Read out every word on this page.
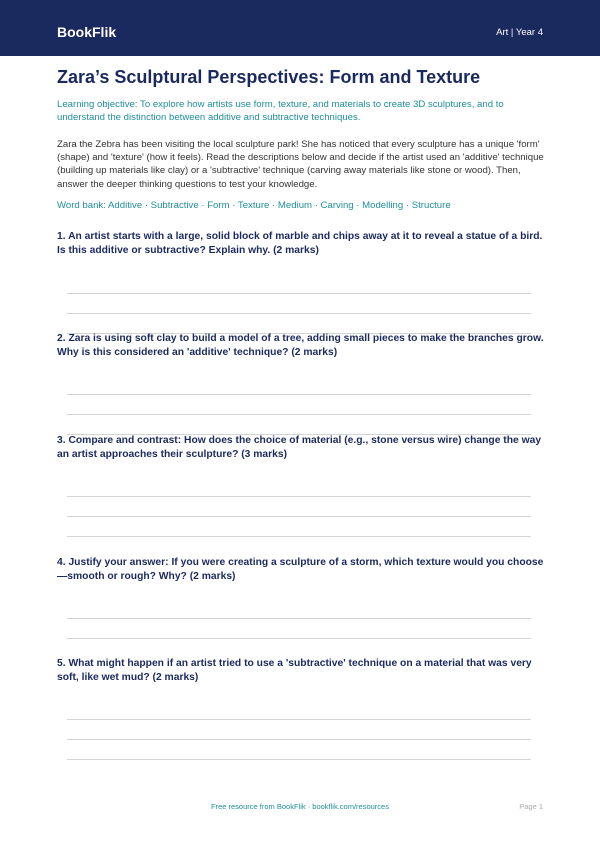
BookFlik	Art | Year 4
Zara’s Sculptural Perspectives: Form and Texture

Learning objective: To explore how artists use form, texture, and materials to create 3D sculptures, and to understand the distinction between additive and subtractive techniques.

Zara the Zebra has been visiting the local sculpture park! She has noticed that every sculpture has a unique 'form' (shape) and 'texture' (how it feels). Read the descriptions below and decide if the artist used an 'additive' technique (building up materials like clay) or a 'subtractive' technique (carving away materials like stone or wood). Then, answer the deeper thinking questions to test your knowledge.

Word bank: Additive · Subtractive · Form · Texture · Medium · Carving · Modelling · Structure

1. An artist starts with a large, solid block of marble and chips away at it to reveal a statue of a bird. Is this additive or subtractive? Explain why. (2 marks)

2. Zara is using soft clay to build a model of a tree, adding small pieces to make the branches grow. Why is this considered an 'additive' technique? (2 marks)

3. Compare and contrast: How does the choice of material (e.g., stone versus wire) change the way an artist approaches their sculpture? (3 marks)

4. Justify your answer: If you were creating a sculpture of a storm, which texture would you choose—smooth or rough? Why? (2 marks)

5. What might happen if an artist tried to use a 'subtractive' technique on a material that was very soft, like wet mud? (2 marks)

Free resource from BookFlik · bookflik.com/resources	Page 1
